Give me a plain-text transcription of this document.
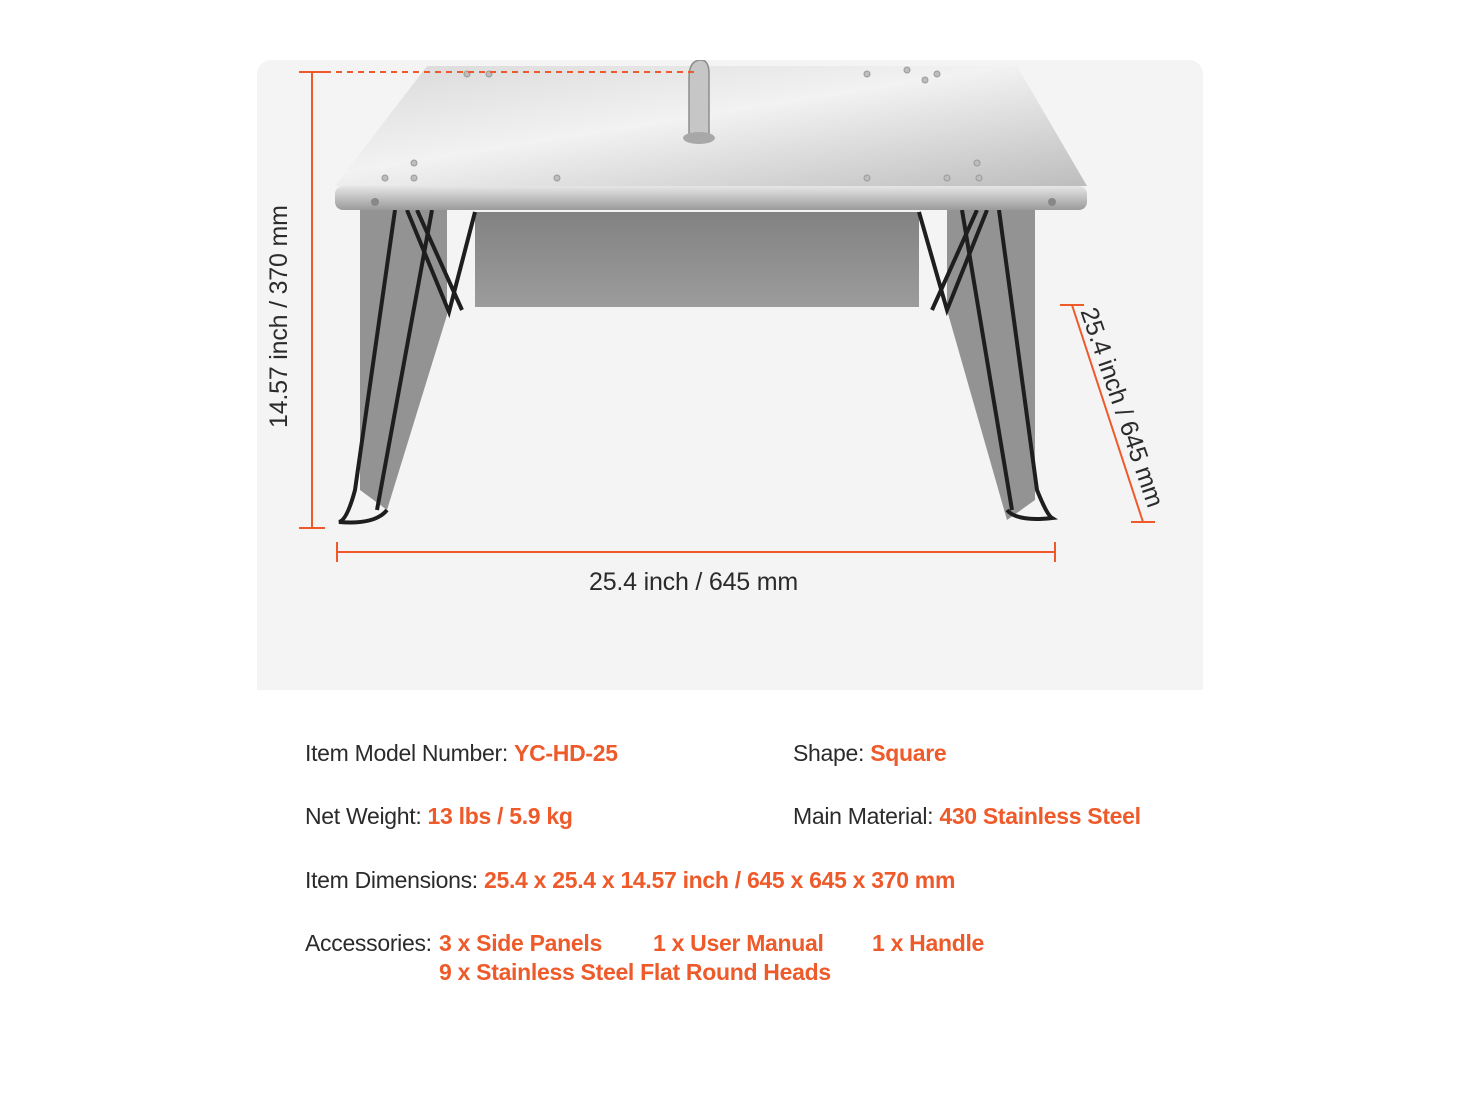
25.4 inch / 645 mm
14.57 inch / 370 mm	25.4 inch / 645 mm
Item Model Number: YC-HD-25	Shape: Square
Net Weight: 13 lbs / 5.9 kg	Main Material: 430 Stainless Steel
Item Dimensions: 25.4 x 25.4 x 14.57 inch / 645 x 645 x 370 mm
Accessories: 3 x Side Panels 1 x User Manual 1 x Handle
9 x Stainless Steel Flat Round Heads
